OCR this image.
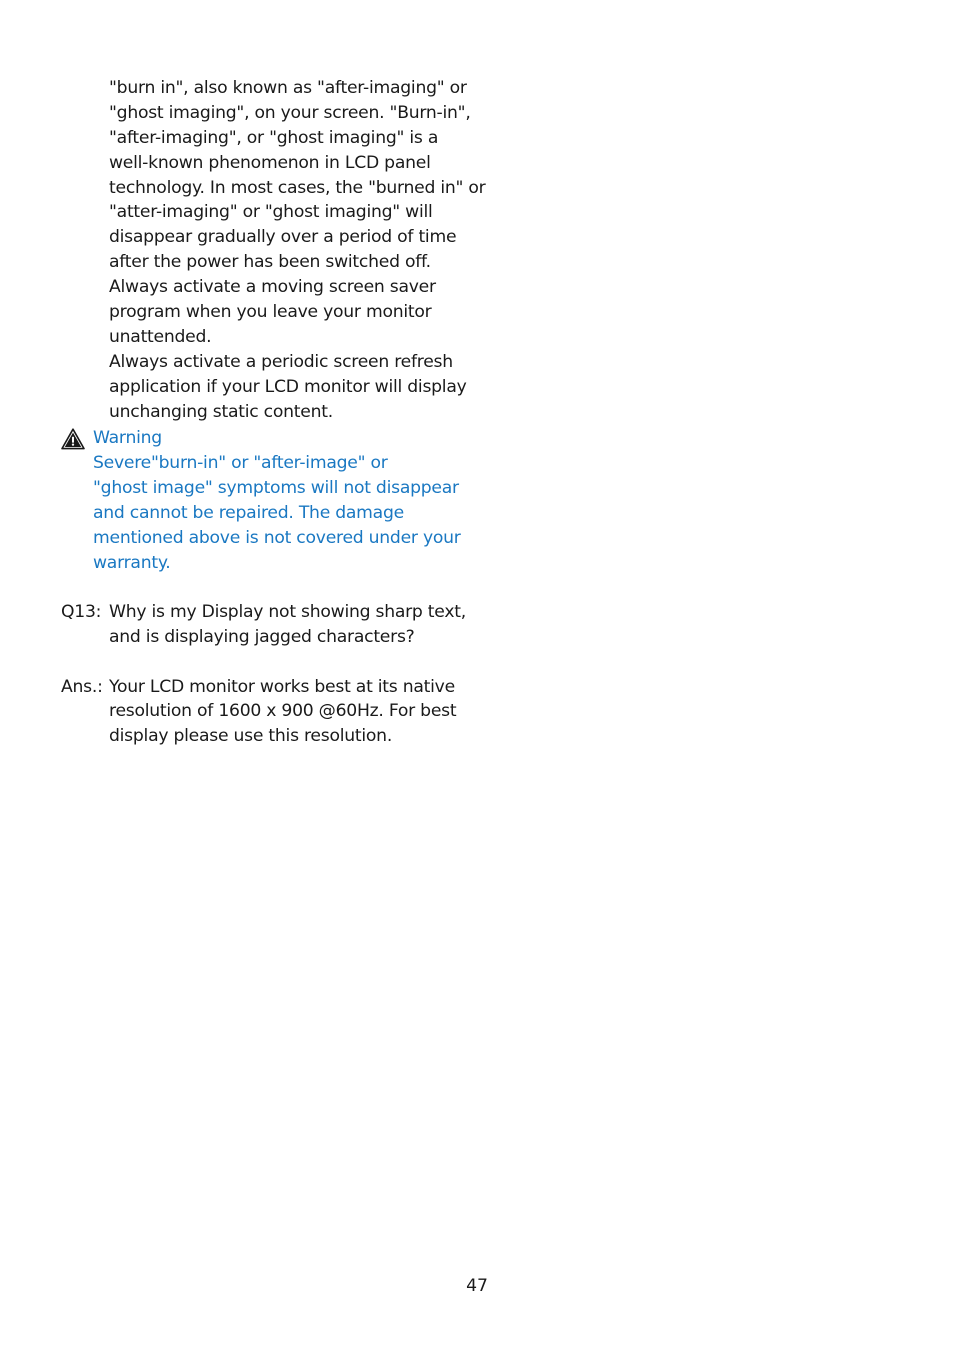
"burn in", also known as "after-imaging" or
"ghost imaging", on your screen. "Burn-in",
"after-imaging", or "ghost imaging" is a
well-known phenomenon in LCD panel
technology. In most cases, the "burned in" or
"atter-imaging" or "ghost imaging" will
disappear gradually over a period of time
after the power has been switched off.
Always activate a moving screen saver
program when you leave your monitor
unattended.
Always activate a periodic screen refresh
application if your LCD monitor will display
unchanging static content.
Warning
Severe"burn-in" or "after-image" or
"ghost image" symptoms will not disappear
and cannot be repaired. The damage
mentioned above is not covered under your
warranty.
Q13: Why is my Display not showing sharp text,
and is displaying jagged characters?
Ans.: Your LCD monitor works best at its native
resolution of 1600 x 900 @60Hz. For best
display please use this resolution.
47
